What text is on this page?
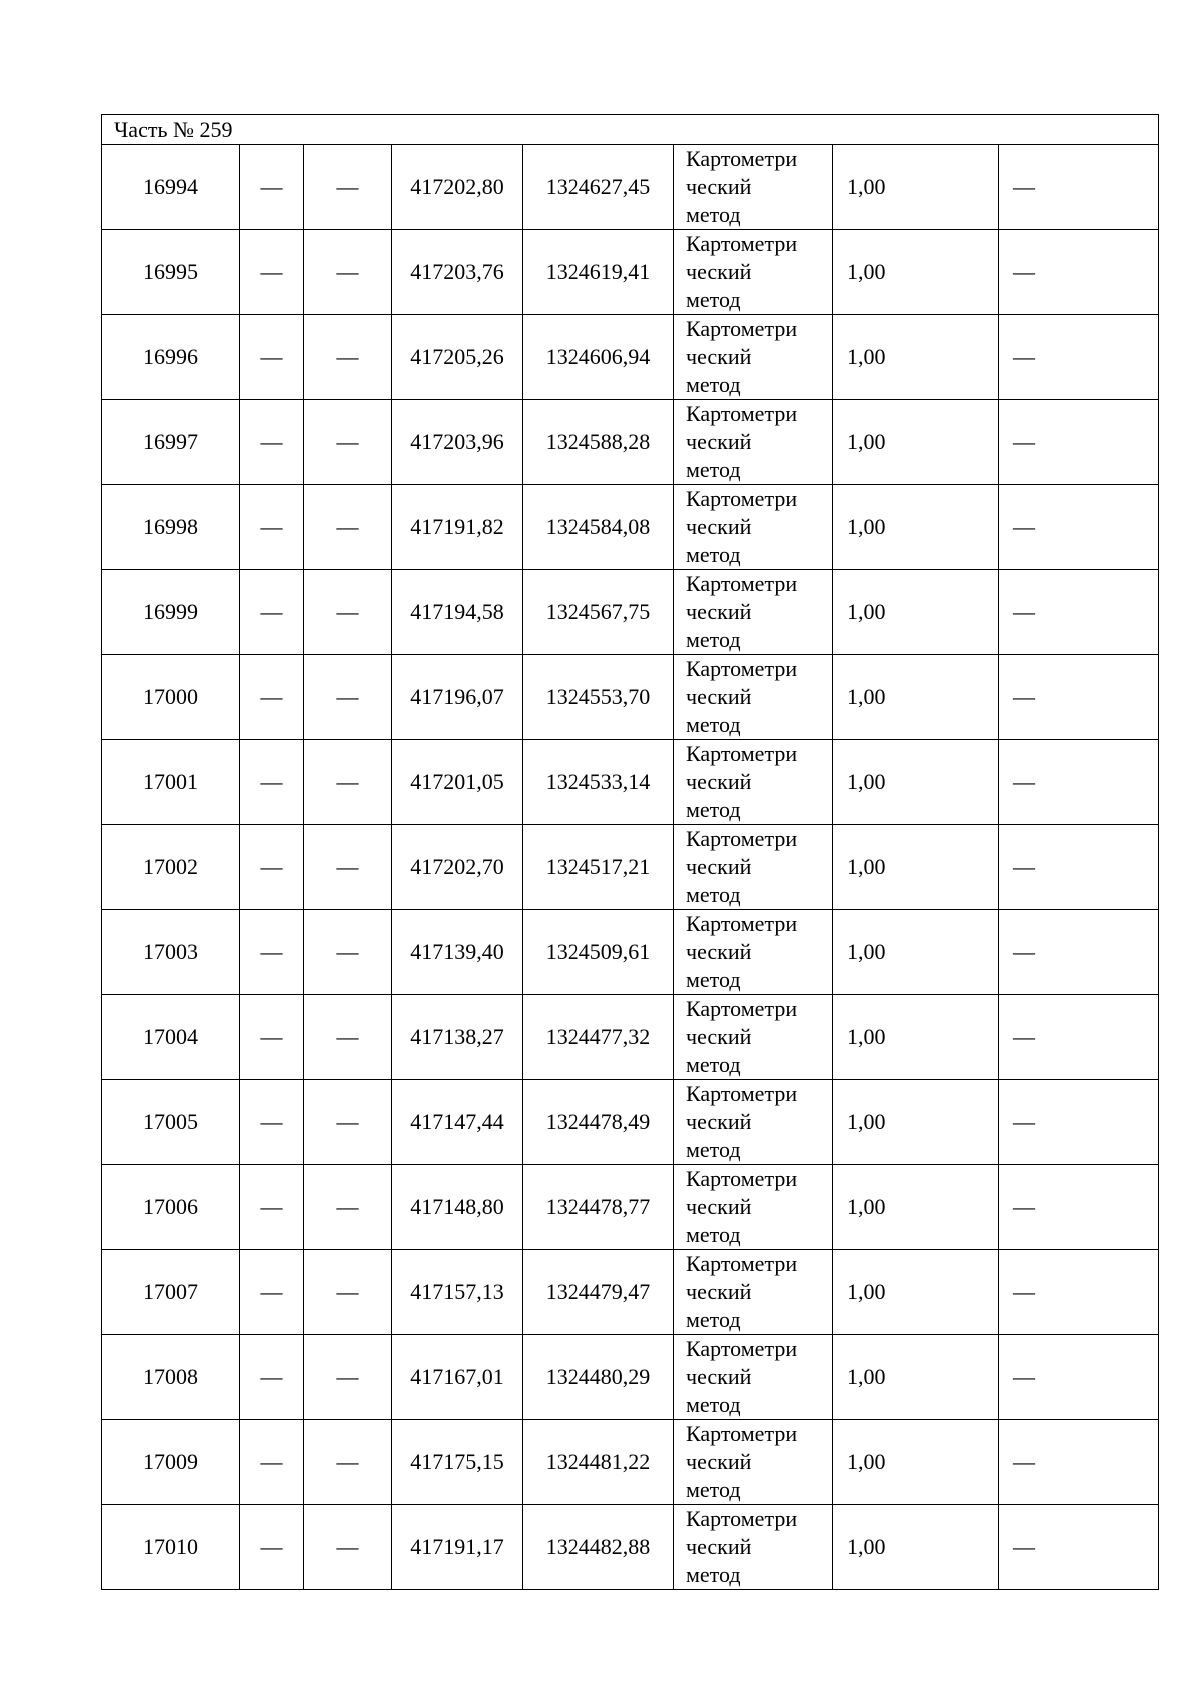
Часть № 259							
16994	—	—	417202,80	1324627,45	Картометри
ческий
метод	1,00	—
16995	—	—	417203,76	1324619,41	Картометри
ческий
метод	1,00	—
16996	—	—	417205,26	1324606,94	Картометри
ческий
метод	1,00	—
16997	—	—	417203,96	1324588,28	Картометри
ческий
метод	1,00	—
16998	—	—	417191,82	1324584,08	Картометри
ческий
метод	1,00	—
16999	—	—	417194,58	1324567,75	Картометри
ческий
метод	1,00	—
17000	—	—	417196,07	1324553,70	Картометри
ческий
метод	1,00	—
17001	—	—	417201,05	1324533,14	Картометри
ческий
метод	1,00	—
17002	—	—	417202,70	1324517,21	Картометри
ческий
метод	1,00	—
17003	—	—	417139,40	1324509,61	Картометри
ческий
метод	1,00	—
17004	—	—	417138,27	1324477,32	Картометри
ческий
метод	1,00	—
17005	—	—	417147,44	1324478,49	Картометри
ческий
метод	1,00	—
17006	—	—	417148,80	1324478,77	Картометри
ческий
метод	1,00	—
17007	—	—	417157,13	1324479,47	Картометри
ческий
метод	1,00	—
17008	—	—	417167,01	1324480,29	Картометри
ческий
метод	1,00	—
17009	—	—	417175,15	1324481,22	Картометри
ческий
метод	1,00	—
17010	—	—	417191,17	1324482,88	Картометри
ческий
метод	1,00	—
